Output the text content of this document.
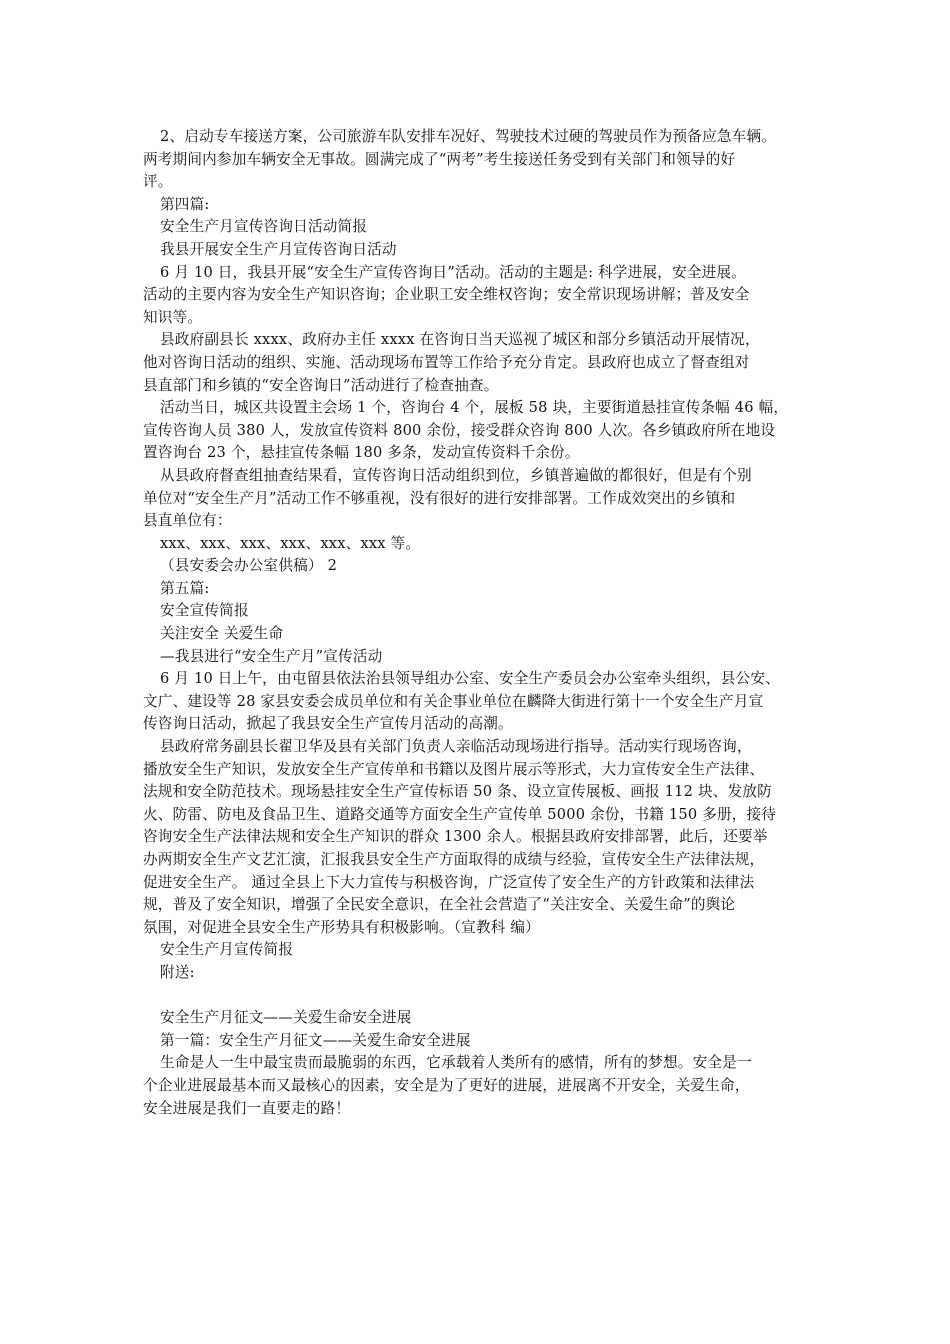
2、启动专车接送方案，公司旅游车队安排车况好、驾驶技术过硬的驾驶员作为预备应急车辆。
两考期间内参加车辆安全无事故。圆满完成了“两考”考生接送任务受到有关部门和领导的好
评。
第四篇:
安全生产月宣传咨询日活动简报
我县开展安全生产月宣传咨询日活动
6 月 10 日，我县开展“安全生产宣传咨询日”活动。活动的主题是: 科学进展，安全进展。
活动的主要内容为安全生产知识咨询；企业职工安全维权咨询；安全常识现场讲解；普及安全
知识等。
县政府副县长 xxxx、政府办主任 xxxx 在咨询日当天巡视了城区和部分乡镇活动开展情况，
他对咨询日活动的组织、实施、活动现场布置等工作给予充分肯定。县政府也成立了督查组对
县直部门和乡镇的“安全咨询日”活动进行了检查抽查。
活动当日，城区共设置主会场 1 个，咨询台 4 个，展板 58 块，主要街道悬挂宣传条幅 46 幅，
宣传咨询人员 380 人，发放宣传资料 800 余份，接受群众咨询 800 人次。各乡镇政府所在地设
置咨询台 23 个，悬挂宣传条幅 180 多条，发动宣传资料千余份。
从县政府督查组抽查结果看，宣传咨询日活动组织到位，乡镇普遍做的都很好，但是有个别
单位对“安全生产月”活动工作不够重视，没有很好的进行安排部署。工作成效突出的乡镇和
县直单位有：
xxx、xxx、xxx、xxx、xxx、xxx 等。
（县安委会办公室供稿） 2
第五篇:
安全宣传简报
关注安全 关爱生命
—我县进行“安全生产月”宣传活动
6 月 10 日上午，由屯留县依法治县领导组办公室、安全生产委员会办公室牵头组织，县公安、
文广、建设等 28 家县安委会成员单位和有关企事业单位在麟降大街进行第十一个安全生产月宣
传咨询日活动，掀起了我县安全生产宣传月活动的高潮。
县政府常务副县长翟卫华及县有关部门负责人亲临活动现场进行指导。活动实行现场咨询，
播放安全生产知识，发放安全生产宣传单和书籍以及图片展示等形式，大力宣传安全生产法律、
法规和安全防范技术。现场悬挂安全生产宣传标语 50 条、设立宣传展板、画报 112 块、发放防
火、防雷、防电及食品卫生、道路交通等方面安全生产宣传单 5000 余份，书籍 150 多册，接待
咨询安全生产法律法规和安全生产知识的群众 1300 余人。根据县政府安排部署，此后，还要举
办两期安全生产文艺汇演，汇报我县安全生产方面取得的成绩与经验，宣传安全生产法律法规，
促进安全生产。 通过全县上下大力宣传与积极咨询，广泛宣传了安全生产的方针政策和法律法
规，普及了安全知识，增强了全民安全意识，在全社会营造了“关注安全、关爱生命”的舆论
氛围，对促进全县安全生产形势具有积极影响。（宣教科 编）
安全生产月宣传简报
附送:
安全生产月征文——关爱生命安全进展
第一篇：安全生产月征文——关爱生命安全进展
生命是人一生中最宝贵而最脆弱的东西，它承载着人类所有的感情，所有的梦想。安全是一
个企业进展最基本而又最核心的因素，安全是为了更好的进展，进展离不开安全，关爱生命，
安全进展是我们一直要走的路！
